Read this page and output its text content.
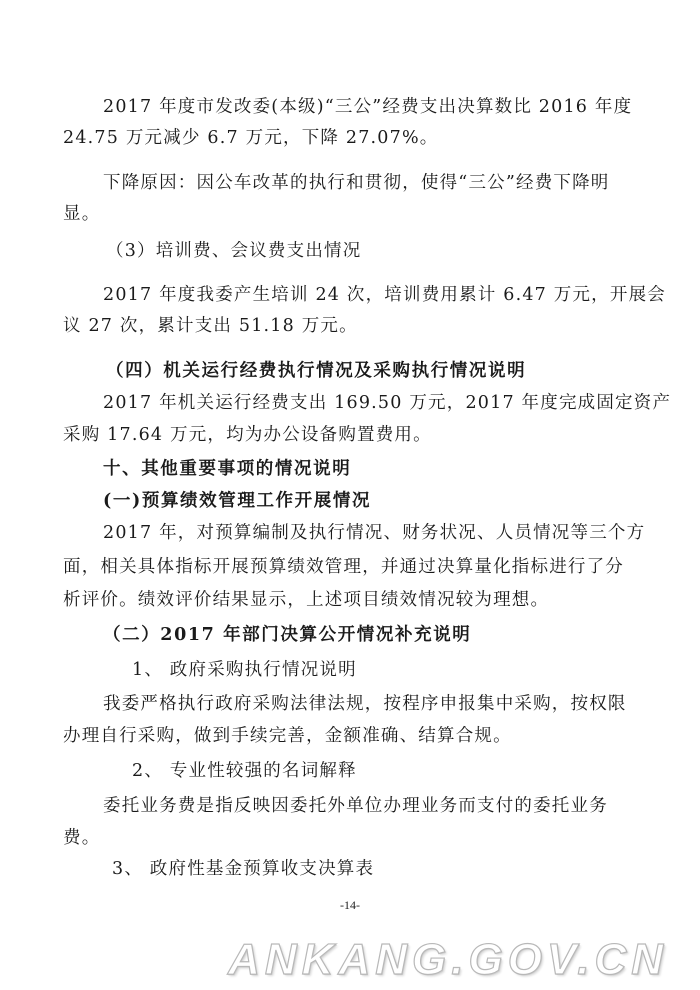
2017 年度市发改委(本级)“三公”经费支出决算数比 2016 年度
24.75 万元减少 6.7 万元，下降 27.07%。
下降原因：因公车改革的执行和贯彻，使得“三公”经费下降明
显。
（3）培训费、会议费支出情况
2017 年度我委产生培训 24 次，培训费用累计 6.47 万元，开展会
议 27 次，累计支出 51.18 万元。
（四）机关运行经费执行情况及采购执行情况说明
2017 年机关运行经费支出 169.50 万元，2017 年度完成固定资产
采购 17.64 万元，均为办公设备购置费用。
十、其他重要事项的情况说明
(一)预算绩效管理工作开展情况
2017 年，对预算编制及执行情况、财务状况、人员情况等三个方
面，相关具体指标开展预算绩效管理，并通过决算量化指标进行了分
析评价。绩效评价结果显示，上述项目绩效情况较为理想。
（二）2017 年部门决算公开情况补充说明
1、 政府采购执行情况说明
我委严格执行政府采购法律法规，按程序申报集中采购，按权限
办理自行采购，做到手续完善，金额准确、结算合规。
2、 专业性较强的名词解释
委托业务费是指反映因委托外单位办理业务而支付的委托业务
费。
3、 政府性基金预算收支决算表
-14-
ANKANG.GOV.CN
